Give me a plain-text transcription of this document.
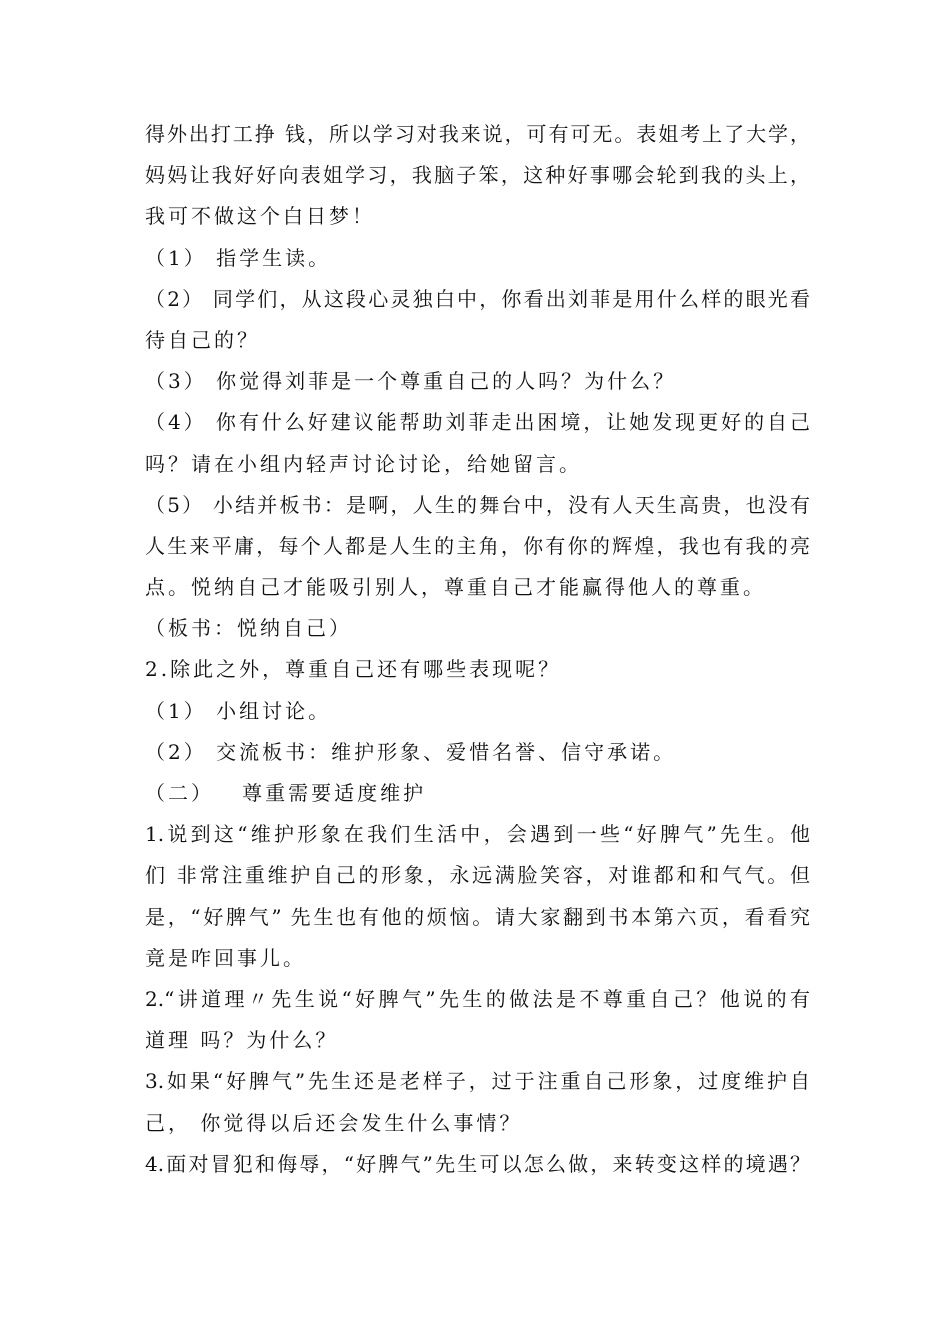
得外出打工挣 钱，所以学习对我来说，可有可无。表姐考上了大学，
妈妈让我好好向表姐学习，我脑子笨，这种好事哪会轮到我的头上，
我可不做这个白日梦！
（1） 指学生读。
（2） 同学们，从这段心灵独白中，你看出刘菲是用什么样的眼光看
待自己的？
（3） 你觉得刘菲是一个尊重自己的人吗？为什么？
（4） 你有什么好建议能帮助刘菲走出困境，让她发现更好的自己
吗？请在小组内轻声讨论讨论，给她留言。
（5） 小结并板书：是啊，人生的舞台中，没有人天生高贵，也没有
人生来平庸，每个人都是人生的主角，你有你的辉煌，我也有我的亮
点。悦纳自己才能吸引别人，尊重自己才能赢得他人的尊重。
（板书：悦纳自己）
2.除此之外，尊重自己还有哪些表现呢？
（1） 小组讨论。
（2） 交流板书：维护形象、爱惜名誉、信守承诺。
（二）   尊重需要适度维护
1.说到这“维护形象在我们生活中，会遇到一些“好脾气”先生。他
们 非常注重维护自己的形象，永远满脸笑容，对谁都和和气气。但
是，“好脾气” 先生也有他的烦恼。请大家翻到书本第六页，看看究
竟是咋回事儿。
2.“讲道理〃先生说“好脾气”先生的做法是不尊重自己？他说的有
道理 吗？为什么？
3.如果“好脾气”先生还是老样子，过于注重自己形象，过度维护自
己， 你觉得以后还会发生什么事情？
4.面对冒犯和侮辱，“好脾气”先生可以怎么做，来转变这样的境遇？
